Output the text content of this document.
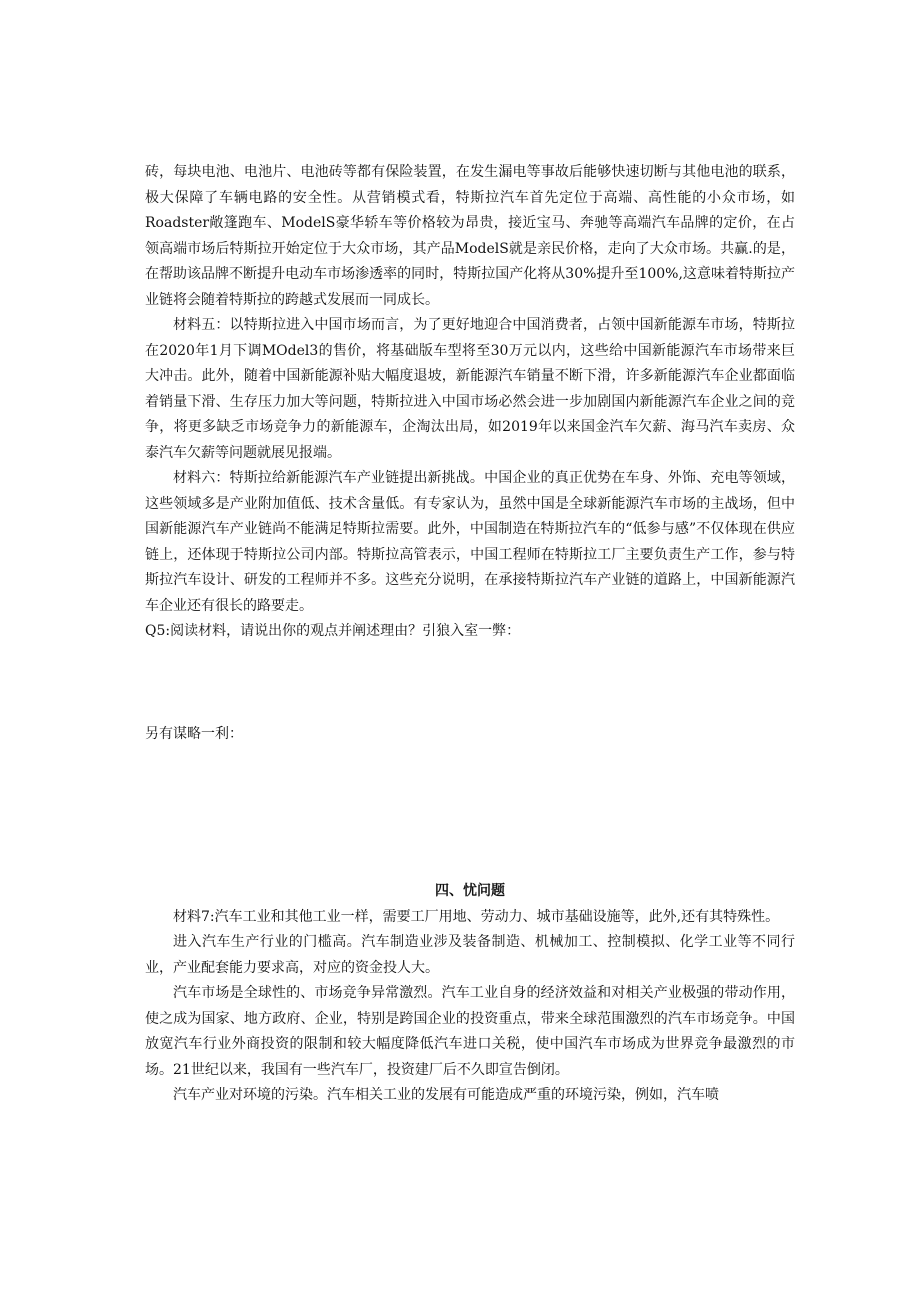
砖，每块电池、电池片、电池砖等都有保险装置，在发生漏电等事故后能够快速切断与其他电池的联系，极大保障了车辆电路的安全性。从营销模式看，特斯拉汽车首先定位于高端、高性能的小众市场，如Roadster敞篷跑车、ModelS豪华轿车等价格较为昂贵，接近宝马、奔驰等高端汽车品牌的定价，在占领高端市场后特斯拉开始定位于大众市场，其产品ModelS就是亲民价格，走向了大众市场。共赢.的是，在帮助该品牌不断提升电动车市场渗透率的同时，特斯拉国产化将从30%提升至100%,这意味着特斯拉产业链将会随着特斯拉的跨越式发展而一同成长。

材料五：以特斯拉进入中国市场而言，为了更好地迎合中国消费者，占领中国新能源车市场，特斯拉在2020年1月下调MOdel3的售价，将基础版车型将至30万元以内，这些给中国新能源汽车市场带来巨大冲击。此外，随着中国新能源补贴大幅度退坡，新能源汽车销量不断下滑，许多新能源汽车企业都面临着销量下滑、生存压力加大等问题，特斯拉进入中国市场必然会进一步加剧国内新能源汽车企业之间的竞争，将更多缺乏市场竞争力的新能源车，企淘汰出局，如2019年以来国金汽车欠薪、海马汽车卖房、众泰汽车欠薪等问题就展见报端。

材料六：特斯拉给新能源汽车产业链提出新挑战。中国企业的真正优势在车身、外饰、充电等领域，这些领域多是产业附加值低、技术含量低。有专家认为，虽然中国是全球新能源汽车市场的主战场，但中国新能源汽车产业链尚不能满足特斯拉需要。此外，中国制造在特斯拉汽车的“低参与感”不仅体现在供应链上，还体现于特斯拉公司内部。特斯拉高管表示，中国工程师在特斯拉工厂主要负责生产工作，参与特斯拉汽车设计、研发的工程师并不多。这些充分说明，在承接特斯拉汽车产业链的道路上，中国新能源汽车企业还有很长的路要走。

Q5:阅读材料，请说出你的观点并阐述理由？引狼入室一弊：

另有谋略一利：

四、忧问题

材料7:汽车工业和其他工业一样，需要工厂用地、劳动力、城市基础设施等，此外,还有其特殊性。

进入汽车生产行业的门槛高。汽车制造业涉及装备制造、机械加工、控制模拟、化学工业等不同行业，产业配套能力要求高，对应的资金投人大。

汽车市场是全球性的、市场竞争异常激烈。汽车工业自身的经济效益和对相关产业极强的带动作用，使之成为国家、地方政府、企业，特别是跨国企业的投资重点，带来全球范围激烈的汽车市场竞争。中国放宽汽车行业外商投资的限制和较大幅度降低汽车进口关税，使中国汽车市场成为世界竞争最激烈的市场。21世纪以来，我国有一些汽车厂，投资建厂后不久即宣告倒闭。

汽车产业对环境的污染。汽车相关工业的发展有可能造成严重的环境污染，例如，汽车喷
